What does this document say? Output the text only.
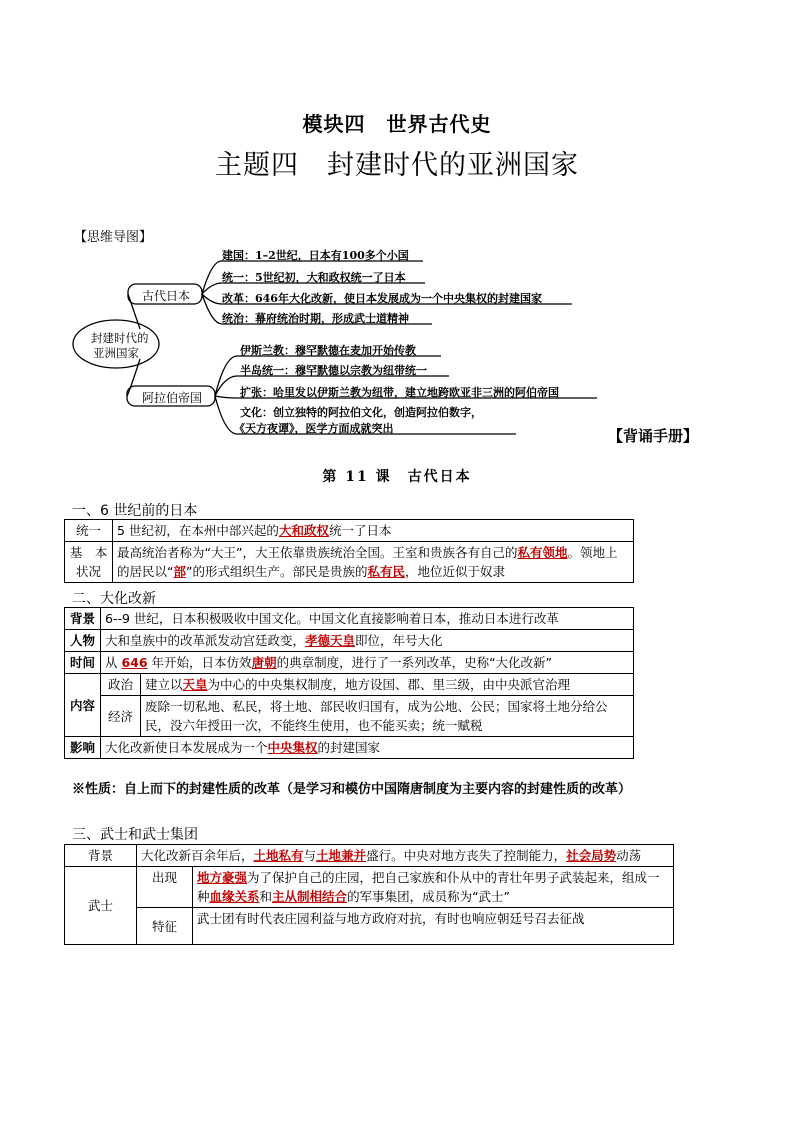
模块四　世界古代史
主题四　封建时代的亚洲国家
【思维导图】
封建时代的
亚洲国家
古代日本
阿拉伯帝国
建国：1–2世纪，日本有100多个小国
统一：5世纪初，大和政权统一了日本
改革：646年大化改新，使日本发展成为一个中央集权的封建国家
统治：幕府统治时期，形成武士道精神
伊斯兰教：穆罕默德在麦加开始传教
半岛统一：穆罕默德以宗教为纽带统一
扩张：哈里发以伊斯兰教为纽带，建立地跨欧亚非三洲的阿伯帝国
文化：创立独特的阿拉伯文化，创造阿拉伯数字，
《天方夜谭》，医学方面成就突出	【背诵手册】
第 11 课　古代日本
一、6 世纪前的日本
统一	5 世纪初，在本州中部兴起的大和政权统一了日本
基　本
状况	最高统治者称为“大王”，大王依靠贵族统治全国。王室和贵族各有自己的私有领地。领地上的居民以“部”的形式组织生产。部民是贵族的私有民，地位近似于奴隶
二、大化改新
背景	6--9 世纪，日本积极吸收中国文化。中国文化直接影响着日本，推动日本进行改革	
人物	大和皇族中的改革派发动宫廷政变，孝德天皇即位，年号大化	
时间	从 646 年开始，日本仿效唐朝的典章制度，进行了一系列改革，史称“大化改新”	
内容	政治	建立以天皇为中心的中央集权制度，地方设国、郡、里三级，由中央派官治理
	经济	废除一切私地、私民，将土地、部民收归国有，成为公地、公民；国家将土地分给公民，没六年授田一次，不能终生使用，也不能买卖；统一赋税
影响	大化改新使日本发展成为一个中央集权的封建国家	
※性质：自上而下的封建性质的改革（是学习和模仿中国隋唐制度为主要内容的封建性质的改革）
三、武士和武士集团
背景	大化改新百余年后，土地私有与土地兼并盛行。中央对地方丧失了控制能力，社会局势动荡	
武士	出现	地方豪强为了保护自己的庄园，把自己家族和仆从中的青壮年男子武装起来，组成一种血缘关系和主从制相结合的军事集团，成员称为“武士”
	特征	武士团有时代表庄园利益与地方政府对抗，有时也响应朝廷号召去征战
